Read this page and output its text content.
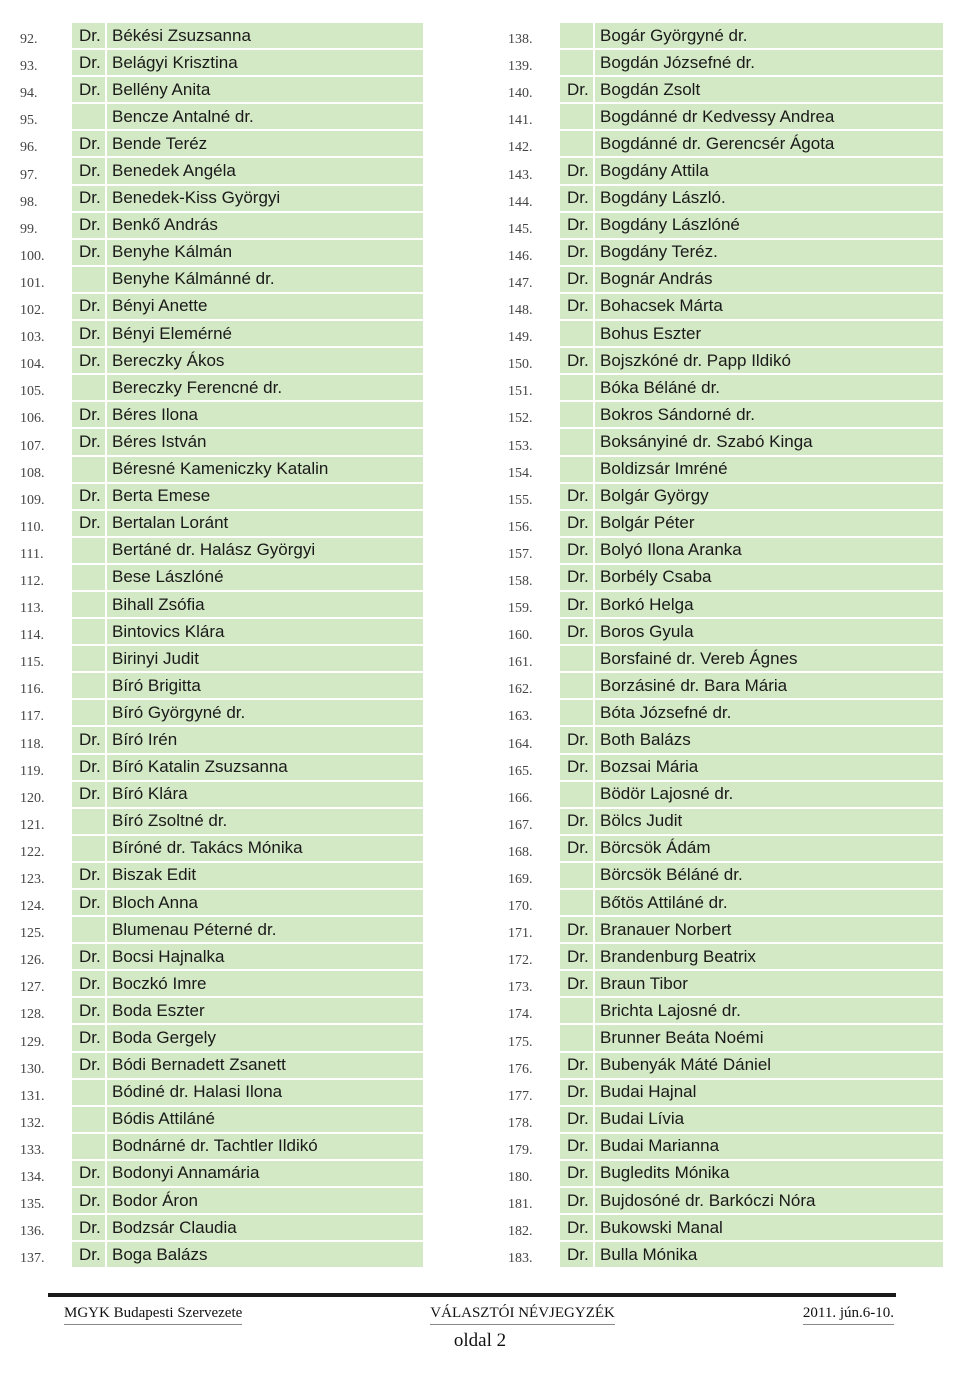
92.	Dr. Békési Zsuzsanna
93.	Dr. Belágyi Krisztina
94.	Dr. Bellény Anita
95.	Bencze Antalné dr.
96.	Dr. Bende Teréz
97.	Dr. Benedek Angéla
98.	Dr. Benedek-Kiss Györgyi
99.	Dr. Benkő András
100.	Dr. Benyhe Kálmán
101.	Benyhe Kálmánné dr.
102.	Dr. Bényi Anette
103.	Dr. Bényi Elemérné
104.	Dr. Bereczky Ákos
105.	Bereczky Ferencné dr.
106.	Dr. Béres Ilona
107.	Dr. Béres István
108.	Béresné Kameniczky Katalin
109.	Dr. Berta Emese
110.	Dr. Bertalan Loránt
111.	Bertáné dr. Halász Györgyi
112.	Bese Lászlóné
113.	Bihall Zsófia
114.	Bintovics Klára
115.	Birinyi Judit
116.	Bíró Brigitta
117.	Bíró Györgyné dr.
118.	Dr. Bíró Irén
119.	Dr. Bíró Katalin Zsuzsanna
120.	Dr. Bíró Klára
121.	Bíró Zsoltné dr.
122.	Bíróné dr. Takács Mónika
123.	Dr. Biszak Edit
124.	Dr. Bloch Anna
125.	Blumenau Péterné dr.
126.	Dr. Bocsi Hajnalka
127.	Dr. Boczkó Imre
128.	Dr. Boda Eszter
129.	Dr. Boda Gergely
130.	Dr. Bódi Bernadett Zsanett
131.	Bódiné dr. Halasi Ilona
132.	Bódis Attiláné
133.	Bodnárné dr. Tachtler Ildikó
134.	Dr. Bodonyi Annamária
135.	Dr. Bodor Áron
136.	Dr. Bodzsár Claudia
137.	Dr. Boga Balázs
138.	Bogár Györgyné dr.
139.	Bogdán Józsefné dr.
140.	Dr. Bogdán Zsolt
141.	Bogdánné dr Kedvessy Andrea
142.	Bogdánné dr. Gerencsér Ágota
143.	Dr. Bogdány Attila
144.	Dr. Bogdány László.
145.	Dr. Bogdány Lászlóné
146.	Dr. Bogdány Teréz.
147.	Dr. Bognár András
148.	Dr. Bohacsek Márta
149.	Bohus Eszter
150.	Dr. Bojszkóné dr. Papp Ildikó
151.	Bóka Béláné dr.
152.	Bokros Sándorné dr.
153.	Boksányiné dr. Szabó Kinga
154.	Boldizsár Imréné
155.	Dr. Bolgár György
156.	Dr. Bolgár Péter
157.	Dr. Bolyó Ilona Aranka
158.	Dr. Borbély Csaba
159.	Dr. Borkó Helga
160.	Dr. Boros Gyula
161.	Borsfainé dr. Vereb Ágnes
162.	Borzásiné dr. Bara Mária
163.	Bóta Józsefné dr.
164.	Dr. Both Balázs
165.	Dr. Bozsai Mária
166.	Bödör Lajosné dr.
167.	Dr. Bölcs Judit
168.	Dr. Börcsök Ádám
169.	Börcsök Béláné dr.
170.	Bőtös Attiláné dr.
171.	Dr. Branauer Norbert
172.	Dr. Brandenburg Beatrix
173.	Dr. Braun Tibor
174.	Brichta Lajosné dr.
175.	Brunner Beáta Noémi
176.	Dr. Bubenyák Máté Dániel
177.	Dr. Budai Hajnal
178.	Dr. Budai Lívia
179.	Dr. Budai Marianna
180.	Dr. Bugledits Mónika
181.	Dr. Bujdosóné dr. Barkóczi Nóra
182.	Dr. Bukowski Manal
183.	Dr. Bulla Mónika
MGYK Budapesti Szervezete	VÁLASZTÓI NÉVJEGYZÉK	2011. jún.6-10.
oldal 2
